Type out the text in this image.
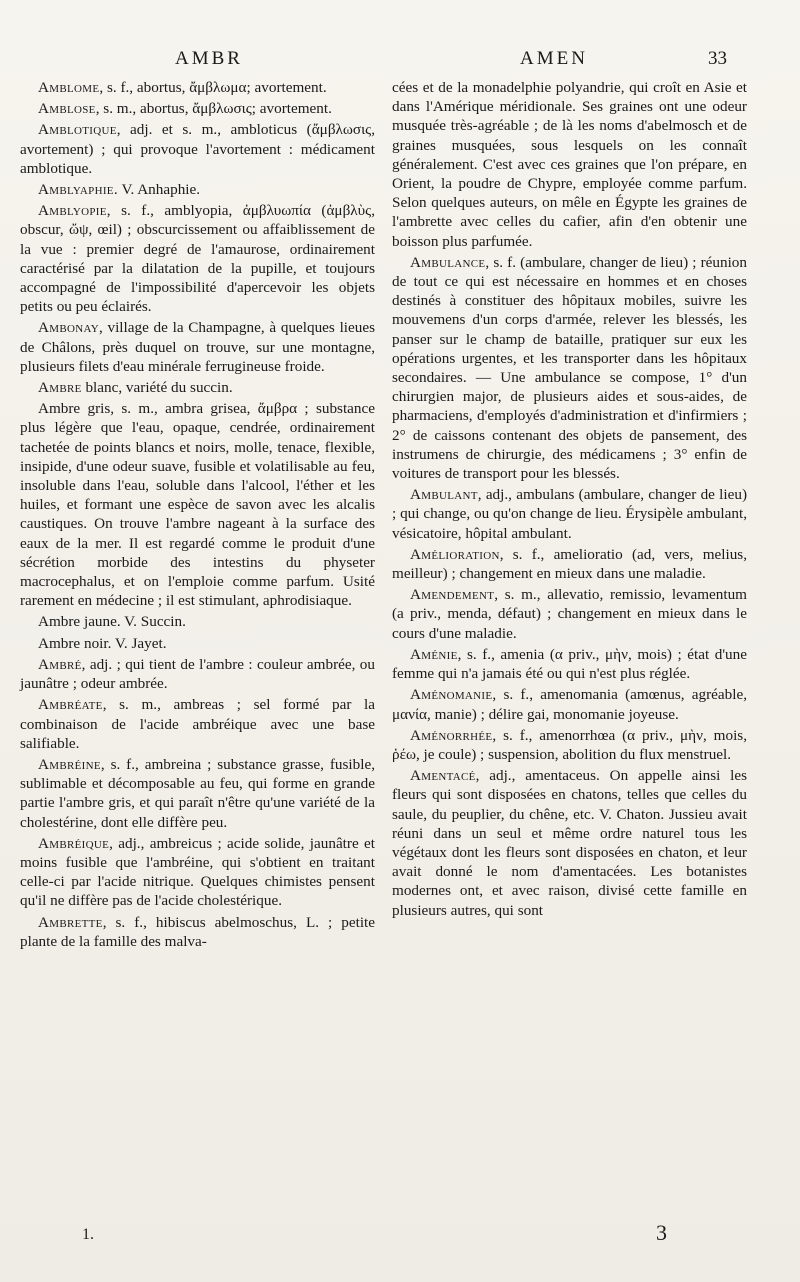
AMBR	AMEN	33

Amblome, s. f., abortus, ἄμβλωμα; avortement.

Amblose, s. m., abortus, ἄμβλωσις; avortement.

Amblotique, adj. et s. m., ambloticus (ἄμβλωσις, avortement) ; qui provoque l'avortement : médicament amblotique.

Amblyaphie. V. Anhaphie.

Amblyopie, s. f., amblyopia, ἀμβλυωπία (ἀμβλὺς, obscur, ὤψ, œil) ; obscurcissement ou affaiblissement de la vue : premier degré de l'amaurose, ordinairement caractérisé par la dilatation de la pupille, et toujours accompagné de l'impossibilité d'apercevoir les objets petits ou peu éclairés.

Ambonay, village de la Champagne, à quelques lieues de Châlons, près duquel on trouve, sur une montagne, plusieurs filets d'eau minérale ferrugineuse froide.

Ambre blanc, variété du succin.

Ambre gris, s. m., ambra grisea, ἄμβρα ; substance plus légère que l'eau, opaque, cendrée, ordinairement tachetée de points blancs et noirs, molle, tenace, flexible, insipide, d'une odeur suave, fusible et volatilisable au feu, insoluble dans l'eau, soluble dans l'alcool, l'éther et les huiles, et formant une espèce de savon avec les alcalis caustiques. On trouve l'ambre nageant à la surface des eaux de la mer. Il est regardé comme le produit d'une sécrétion morbide des intestins du physeter macrocephalus, et on l'emploie comme parfum. Usité rarement en médecine ; il est stimulant, aphrodisiaque.

Ambre jaune. V. Succin.

Ambre noir. V. Jayet.

Ambré, adj. ; qui tient de l'ambre : couleur ambrée, ou jaunâtre ; odeur ambrée.

Ambréate, s. m., ambreas ; sel formé par la combinaison de l'acide ambréique avec une base salifiable.

Ambréine, s. f., ambreina ; substance grasse, fusible, sublimable et décomposable au feu, qui forme en grande partie l'ambre gris, et qui paraît n'être qu'une variété de la cholestérine, dont elle diffère peu.

Ambréique, adj., ambreicus ; acide solide, jaunâtre et moins fusible que l'ambréine, qui s'obtient en traitant celle-ci par l'acide nitrique. Quelques chimistes pensent qu'il ne diffère pas de l'acide cholestérique.

Ambrette, s. f., hibiscus abelmoschus, L. ; petite plante de la famille des malva-

cées et de la monadelphie polyandrie, qui croît en Asie et dans l'Amérique méridionale. Ses graines ont une odeur musquée très-agréable ; de là les noms d'abelmosch et de graines musquées, sous lesquels on les connaît généralement. C'est avec ces graines que l'on prépare, en Orient, la poudre de Chypre, employée comme parfum. Selon quelques auteurs, on mêle en Égypte les graines de l'ambrette avec celles du cafier, afin d'en obtenir une boisson plus parfumée.

Ambulance, s. f. (ambulare, changer de lieu) ; réunion de tout ce qui est nécessaire en hommes et en choses destinés à constituer des hôpitaux mobiles, suivre les mouvemens d'un corps d'armée, relever les blessés, les panser sur le champ de bataille, pratiquer sur eux les opérations urgentes, et les transporter dans les hôpitaux secondaires. — Une ambulance se compose, 1° d'un chirurgien major, de plusieurs aides et sous-aides, de pharmaciens, d'employés d'administration et d'infirmiers ; 2° de caissons contenant des objets de pansement, des instrumens de chirurgie, des médicamens ; 3° enfin de voitures de transport pour les blessés.

Ambulant, adj., ambulans (ambulare, changer de lieu) ; qui change, ou qu'on change de lieu. Érysipèle ambulant, vésicatoire, hôpital ambulant.

Amélioration, s. f., amelioratio (ad, vers, melius, meilleur) ; changement en mieux dans une maladie.

Amendement, s. m., allevatio, remissio, levamentum (a priv., menda, défaut) ; changement en mieux dans le cours d'une maladie.

Aménie, s. f., amenia (α priv., μὴν, mois) ; état d'une femme qui n'a jamais été ou qui n'est plus réglée.

Aménomanie, s. f., amenomania (amœnus, agréable, μανία, manie) ; délire gai, monomanie joyeuse.

Aménorrhée, s. f., amenorrhœa (α priv., μὴν, mois, ῥέω, je coule) ; suspension, abolition du flux menstruel.

Amentacé, adj., amentaceus. On appelle ainsi les fleurs qui sont disposées en chatons, telles que celles du saule, du peuplier, du chêne, etc. V. Chaton. Jussieu avait réuni dans un seul et même ordre naturel tous les végétaux dont les fleurs sont disposées en chaton, et leur avait donné le nom d'amentacées. Les botanistes modernes ont, et avec raison, divisé cette famille en plusieurs autres, qui sont

1.	3
